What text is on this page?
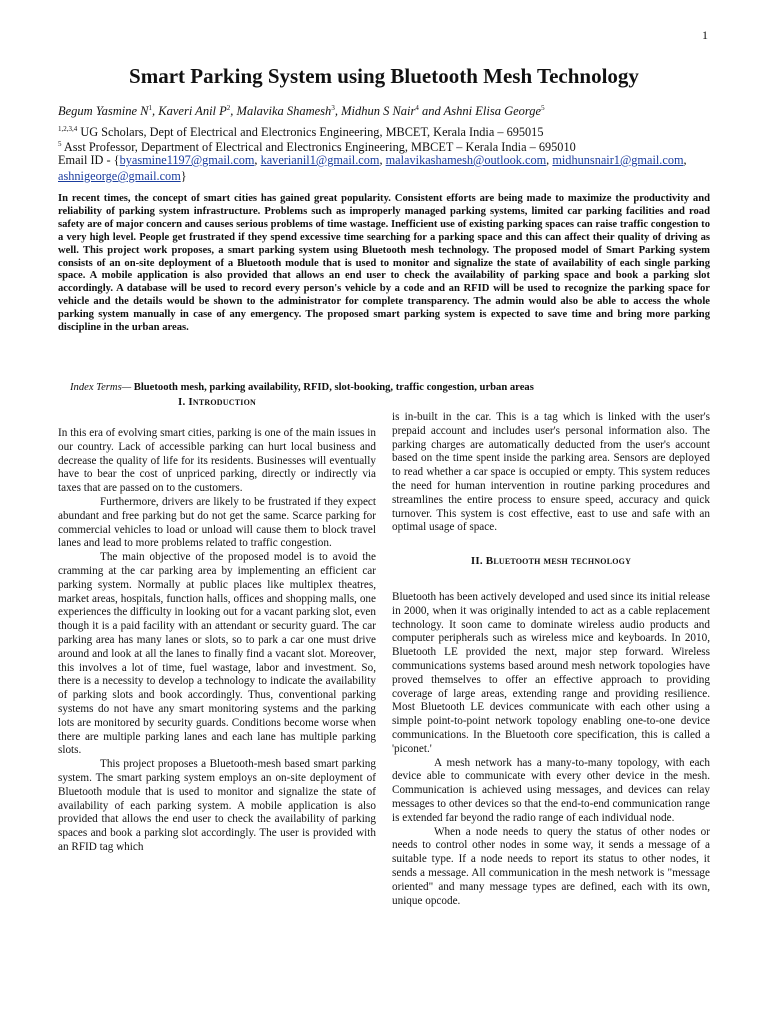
1
Smart Parking System using Bluetooth Mesh Technology
Begum Yasmine $N^1$, Kaveri Anil $P^2$, Malavika Shamesh$^3$, Midhun S Nair$^4$ and Ashni Elisa George$^5$
$^{1,2,3,4}$ UG Scholars, Dept of Electrical and Electronics Engineering, MBCET, Kerala India – 695015
$^5$ Asst Professor, Department of Electrical and Electronics Engineering, MBCET – Kerala India – 695010
Email ID - {byasmine1197@gmail.com, kaverianil1@gmail.com, malavikashamesh@outlook.com, midhunsnair1@gmail.com, ashnigeorge@gmail.com}

In recent times, the concept of smart cities has gained great popularity. Consistent efforts are being made to maximize the productivity and reliability of parking system infrastructure. Problems such as improperly managed parking systems, limited car parking facilities and road safety are of major concern and causes serious problems of time wastage. Inefficient use of existing parking spaces can raise traffic congestion to a very high level. People get frustrated if they spend excessive time searching for a parking space and this can affect their quality of driving as well. This project work proposes, a smart parking system using Bluetooth mesh technology. The proposed model of Smart Parking system consists of an on-site deployment of a Bluetooth module that is used to monitor and signalize the state of availability of each single parking space. A mobile application is also provided that allows an end user to check the availability of parking space and book a parking slot accordingly. A database will be used to record every person's vehicle by a code and an RFID will be used to recognize the parking space for vehicle and the details would be shown to the administrator for complete transparency. The admin would also be able to access the whole parking system manually in case of any emergency. The proposed smart parking system is expected to save time and bring more parking discipline in the urban areas.

Index Terms— Bluetooth mesh, parking availability, RFID, slot-booking, traffic congestion, urban areas

I. Introduction

In this era of evolving smart cities, parking is one of the main issues in our country. Lack of accessible parking can hurt local business and decrease the quality of life for its residents. Businesses will eventually have to bear the cost of unpriced parking, directly or indirectly via taxes that are passed on to the customers.

Furthermore, drivers are likely to be frustrated if they expect abundant and free parking but do not get the same. Scarce parking for commercial vehicles to load or unload will cause them to block travel lanes and lead to more problems related to traffic congestion.

The main objective of the proposed model is to avoid the cramming at the car parking area by implementing an efficient car parking system. Normally at public places like multiplex theatres, market areas, hospitals, function halls, offices and shopping malls, one experiences the difficulty in looking out for a vacant parking slot, even though it is a paid facility with an attendant or security guard. The car parking area has many lanes or slots, so to park a car one must drive around and look at all the lanes to finally find a vacant slot. Moreover, this involves a lot of time, fuel wastage, labor and investment. So, there is a necessity to develop a technology to indicate the availability of parking slots and book accordingly. Thus, conventional parking systems do not have any smart monitoring systems and the parking lots are monitored by security guards. Conditions become worse when there are multiple parking lanes and each lane has multiple parking slots.

This project proposes a Bluetooth-mesh based smart parking system. The smart parking system employs an on-site deployment of Bluetooth module that is used to monitor and signalize the state of availability of each parking system. A mobile application is also provided that allows the end user to check the availability of parking spaces and book a parking slot accordingly. The user is provided with an RFID tag which

is in-built in the car. This is a tag which is linked with the user's prepaid account and includes user's personal information also. The parking charges are automatically deducted from the user's account based on the time spent inside the parking area. Sensors are deployed to read whether a car space is occupied or empty. This system reduces the need for human intervention in routine parking procedures and streamlines the entire process to ensure speed, accuracy and quick turnover. This system is cost effective, east to use and safe with an optimal usage of space.

II. Bluetooth mesh technology

Bluetooth has been actively developed and used since its initial release in 2000, when it was originally intended to act as a cable replacement technology. It soon came to dominate wireless audio products and computer peripherals such as wireless mice and keyboards. In 2010, Bluetooth LE provided the next, major step forward. Wireless communications systems based around mesh network topologies have proved themselves to offer an effective approach to providing coverage of large areas, extending range and providing resilience. Most Bluetooth LE devices communicate with each other using a simple point-to-point network topology enabling one-to-one device communications. In the Bluetooth core specification, this is called a 'piconet.'

A mesh network has a many-to-many topology, with each device able to communicate with every other device in the mesh. Communication is achieved using messages, and devices can relay messages to other devices so that the end-to-end communication range is extended far beyond the radio range of each individual node.

When a node needs to query the status of other nodes or needs to control other nodes in some way, it sends a message of a suitable type. If a node needs to report its status to other nodes, it sends a message. All communication in the mesh network is "message oriented" and many message types are defined, each with its own, unique opcode.
